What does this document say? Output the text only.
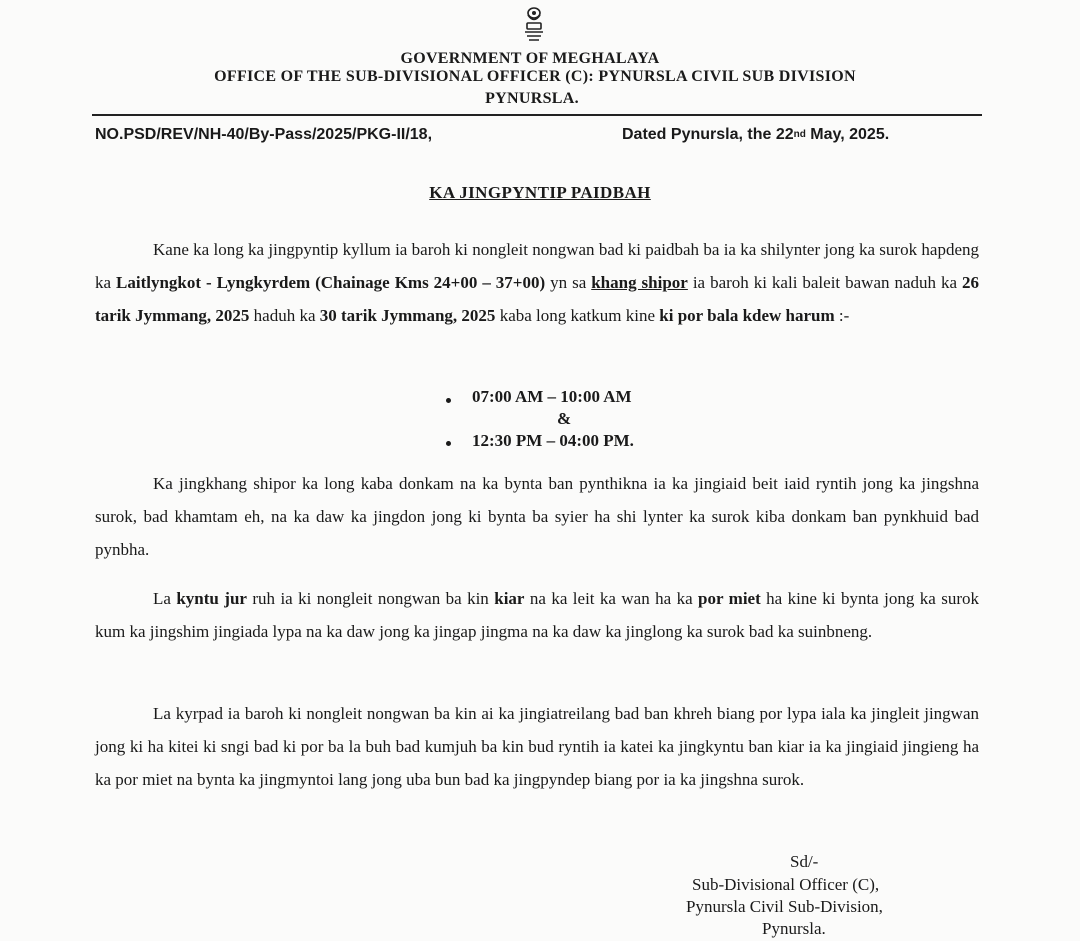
GOVERNMENT OF MEGHALAYA
OFFICE OF THE SUB-DIVISIONAL OFFICER (C): PYNURSLA CIVIL SUB DIVISION
PYNURSLA.
NO.PSD/REV/NH-40/By-Pass/2025/PKG-II/18,	Dated Pynursla, the 22nd May, 2025.
KA JINGPYNTIP PAIDBAH
Kane ka long ka jingpyntip kyllum ia baroh ki nongleit nongwan bad ki paidbah ba ia ka shilynter jong ka surok hapdeng ka Laitlyngkot - Lyngkyrdem (Chainage Kms 24+00 – 37+00) yn sa khang shipor ia baroh ki kali baleit bawan naduh ka 26 tarik Jymmang, 2025 haduh ka 30 tarik Jymmang, 2025 kaba long katkum kine ki por bala kdew harum :-
07:00 AM – 10:00 AM
&
12:30 PM – 04:00 PM.
Ka jingkhang shipor ka long kaba donkam na ka bynta ban pynthikna ia ka jingiaid beit iaid ryntih jong ka jingshna surok, bad khamtam eh, na ka daw ka jingdon jong ki bynta ba syier ha shi lynter ka surok kiba donkam ban pynkhuid bad pynbha.
La kyntu jur ruh ia ki nongleit nongwan ba kin kiar na ka leit ka wan ha ka por miet ha kine ki bynta jong ka surok kum ka jingshim jingiada lypa na ka daw jong ka jingap jingma na ka daw ka jinglong ka surok bad ka suinbneng.
La kyrpad ia baroh ki nongleit nongwan ba kin ai ka jingiatreilang bad ban khreh biang por lypa iala ka jingleit jingwan jong ki ha kitei ki sngi bad ki por ba la buh bad kumjuh ba kin bud ryntih ia katei ka jingkyntu ban kiar ia ka jingiaid jingieng ha ka por miet na bynta ka jingmyntoi lang jong uba bun bad ka jingpyndep biang por ia ka jingshna surok.
Sd/-
Sub-Divisional Officer (C),
Pynursla Civil Sub-Division,
Pynursla.
